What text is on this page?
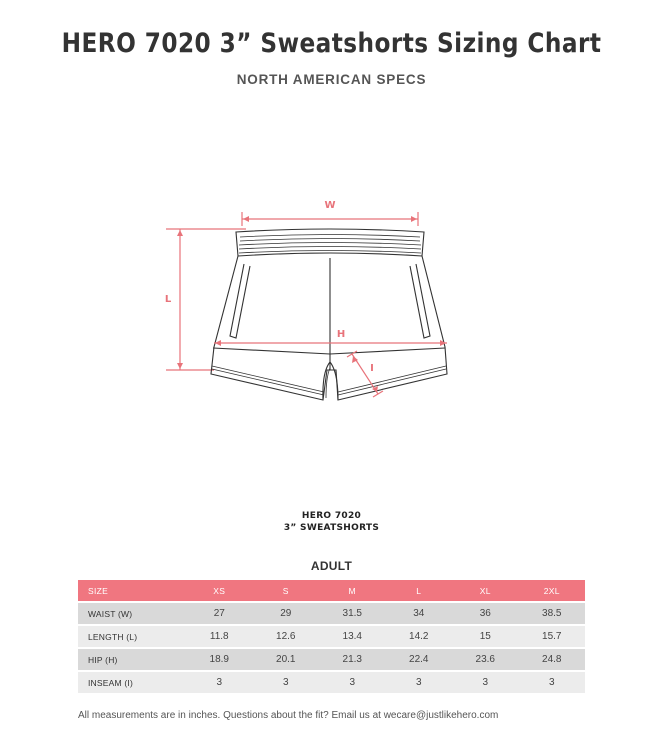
HERO 7020 3” Sweatshorts Sizing Chart
NORTH AMERICAN SPECS
W
L
H
I
HERO 7020
3” SWEATSHORTS
ADULT
SIZE	XS	S	M	L	XL	2XL
WAIST (W)	27	29	31.5	34	36	38.5
LENGTH (L)	11.8	12.6	13.4	14.2	15	15.7
HIP (H)	18.9	20.1	21.3	22.4	23.6	24.8
INSEAM (I)	3	3	3	3	3	3
All measurements are in inches. Questions about the fit? Email us at wecare@justlikehero.com
